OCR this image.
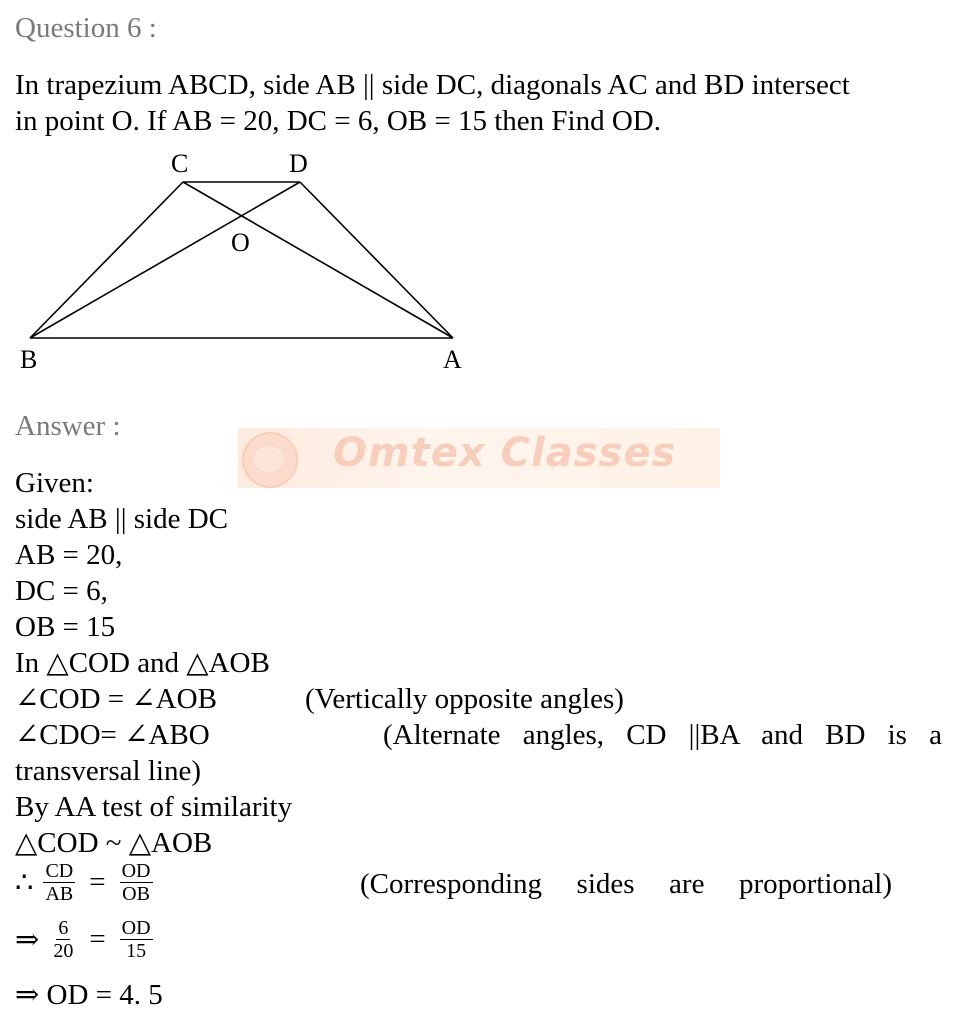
Question 6 :
In trapezium ABCD, side AB || side DC, diagonals AC and BD intersect
in point O. If AB = 20, DC = 6, OB = 15 then Find OD.
C	D
O
B	A
Answer :
Omtex Classes
Given:
side AB || side DC
AB = 20,
DC = 6,
OB = 15
In △COD and △AOB
∠COD = ∠AOB	(Vertically opposite angles)
∠CDO= ∠ABO	(Alternate angles, CD ||BA and BD is a
transversal line)
By AA test of similarity
△COD ~ △AOB
∴ $\frac{CD}{AB} = \frac{OD}{OB}$	(Corresponding sides are proportional)
⇒ $\frac{6}{20} = \frac{OD}{15}$
⇒ OD = 4. 5
